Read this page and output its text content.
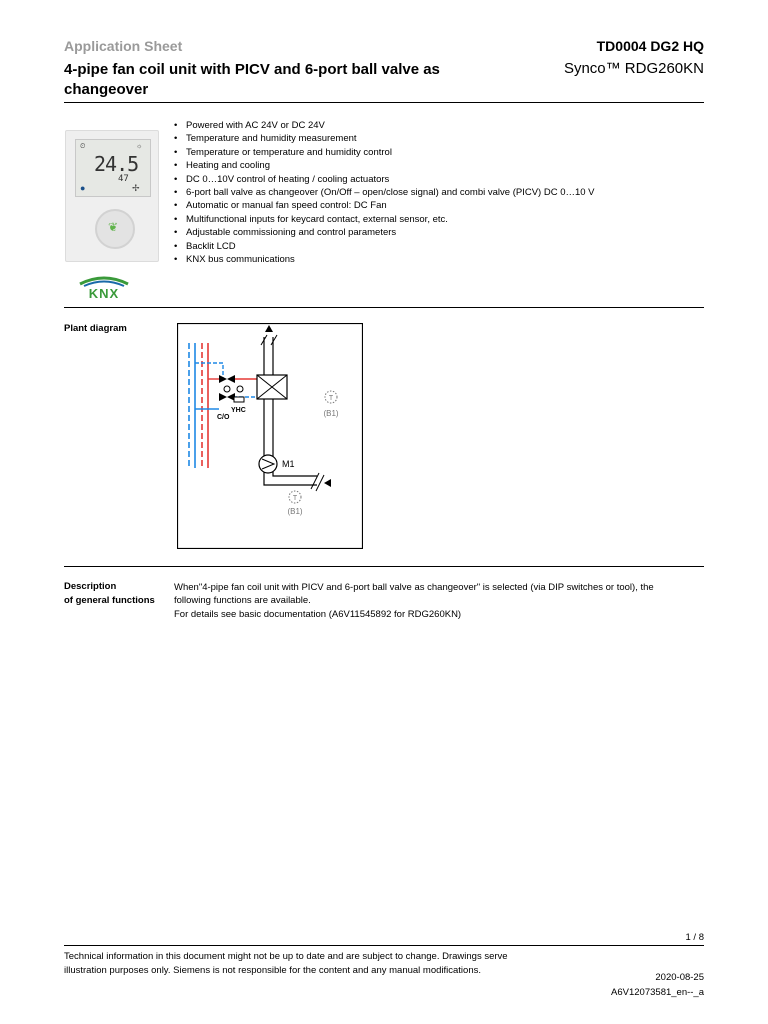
Application Sheet	TD0004 DG2 HQ
4-pipe fan coil unit with PICV and 6-port ball valve as changeover
Synco™ RDG260KN
⏲	☼
24.5
47
●	✢
❦
• Powered with AC 24V or DC 24V
• Temperature and humidity measurement
• Temperature or temperature and humidity control
• Heating and cooling
• DC 0…10V control of heating / cooling actuators
• 6-port ball valve as changeover (On/Off – open/close signal) and combi valve (PICV) DC 0…10 V
• Automatic or manual fan speed control: DC Fan
• Multifunctional inputs for keycard contact, external sensor, etc.
• Adjustable commissioning and control parameters
• Backlit LCD
• KNX bus communications
KNX
Plant diagram
YHC
C/O
M1
T
(B1)
T
(B1)
Description
of general functions
When"4-pipe fan coil unit with PICV and 6-port ball valve as changeover" is selected (via DIP switches or tool), the
following functions are available.
For details see basic documentation (A6V11545892 for RDG260KN)
1 / 8
Technical information in this document might not be up to date and are subject to change. Drawings serve
illustration purposes only. Siemens is not responsible for the content and any manual modifications.
2020-08-25
A6V12073581_en--_a
